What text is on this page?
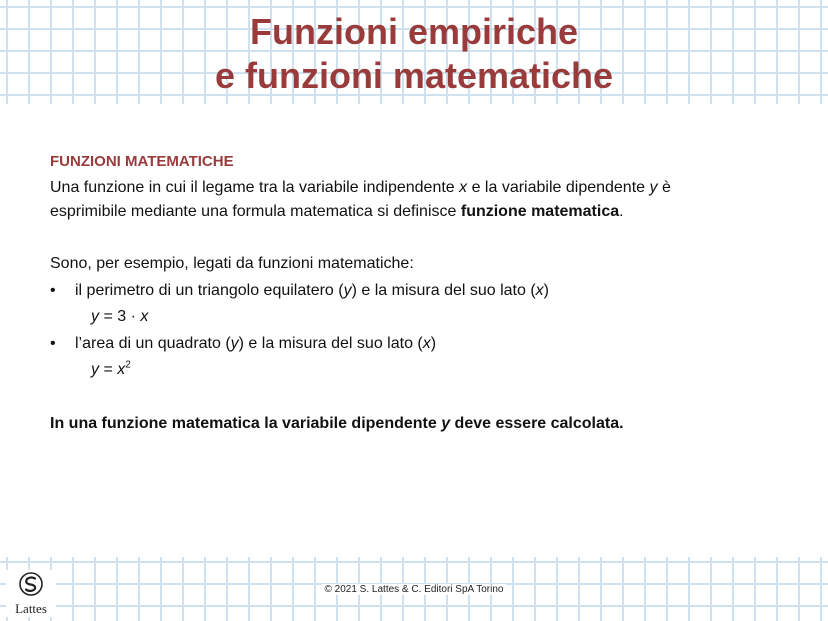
Funzioni empiriche
e funzioni matematiche
FUNZIONI MATEMATICHE

Una funzione in cui il legame tra la variabile indipendente x e la variabile dipendente y è esprimibile mediante una formula matematica si definisce funzione matematica.

Sono, per esempio, legati da funzioni matematiche:

• il perimetro di un triangolo equilatero (y) e la misura del suo lato (x)
y = 3 · x
• l’area di un quadrato (y) e la misura del suo lato (x)
$y = x^2$

In una funzione matematica la variabile dipendente y deve essere calcolata.

Lattes
© 2021 S. Lattes & C. Editori SpA Torino
